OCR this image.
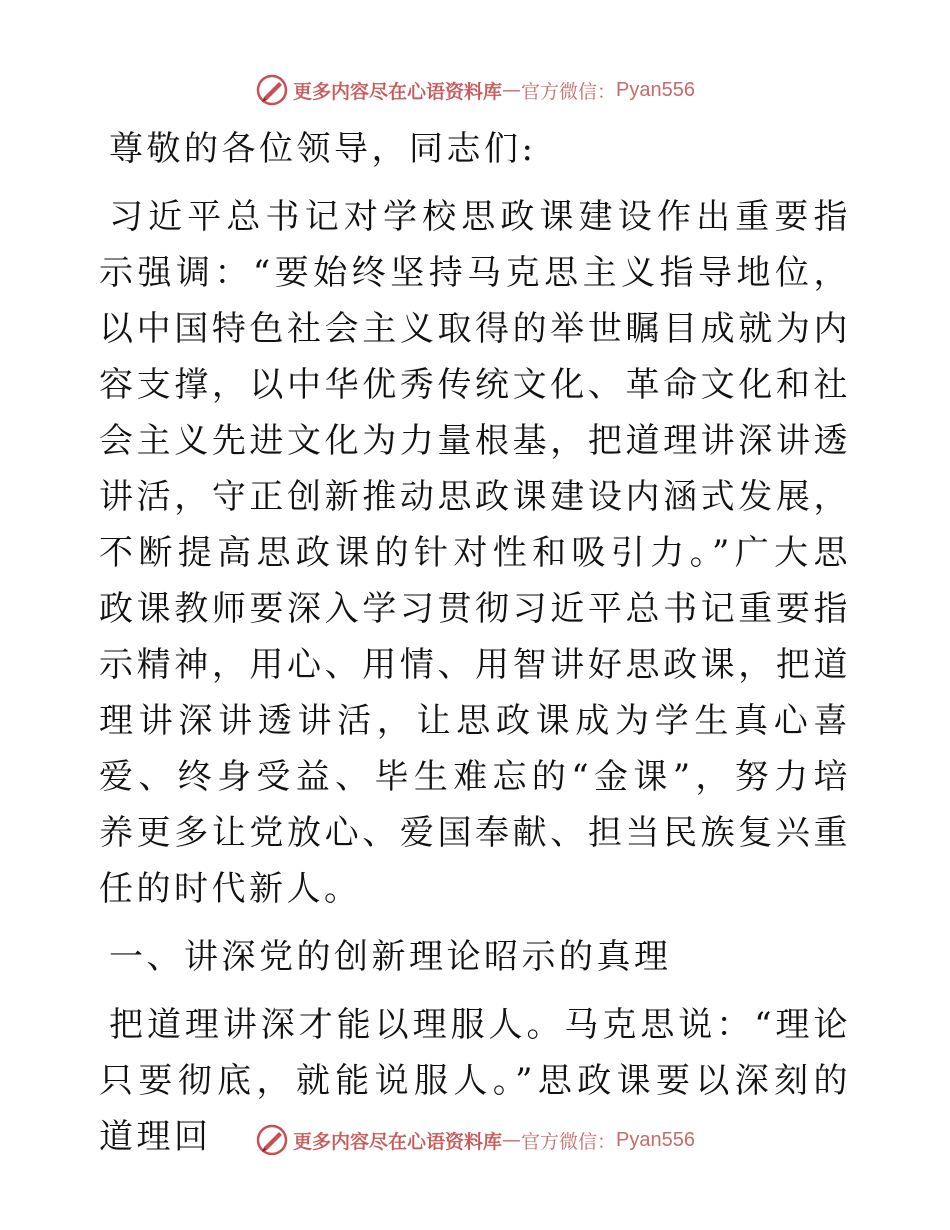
更多内容尽在心语资料库 — 官方微信： Pyan556

尊敬的各位领导，同志们:

习近平总书记对学校思政课建设作出重要指示强调：“要始终坚持马克思主义指导地位，以中国特色社会主义取得的举世瞩目成就为内容支撑，以中华优秀传统文化、革命文化和社会主义先进文化为力量根基，把道理讲深讲透讲活，守正创新推动思政课建设内涵式发展，不断提高思政课的针对性和吸引力。”广大思政课教师要深入学习贯彻习近平总书记重要指示精神，用心、用情、用智讲好思政课，把道理讲深讲透讲活，让思政课成为学生真心喜爱、终身受益、毕生难忘的“金课”，努力培养更多让党放心、爱国奉献、担当民族复兴重任的时代新人。

一、讲深党的创新理论昭示的真理

把道理讲深才能以理服人。马克思说：“理论只要彻底，就能说服人。”思政课要以深刻的道理回	更多内容尽在心语资料库 — 官方微信： Pyan556
